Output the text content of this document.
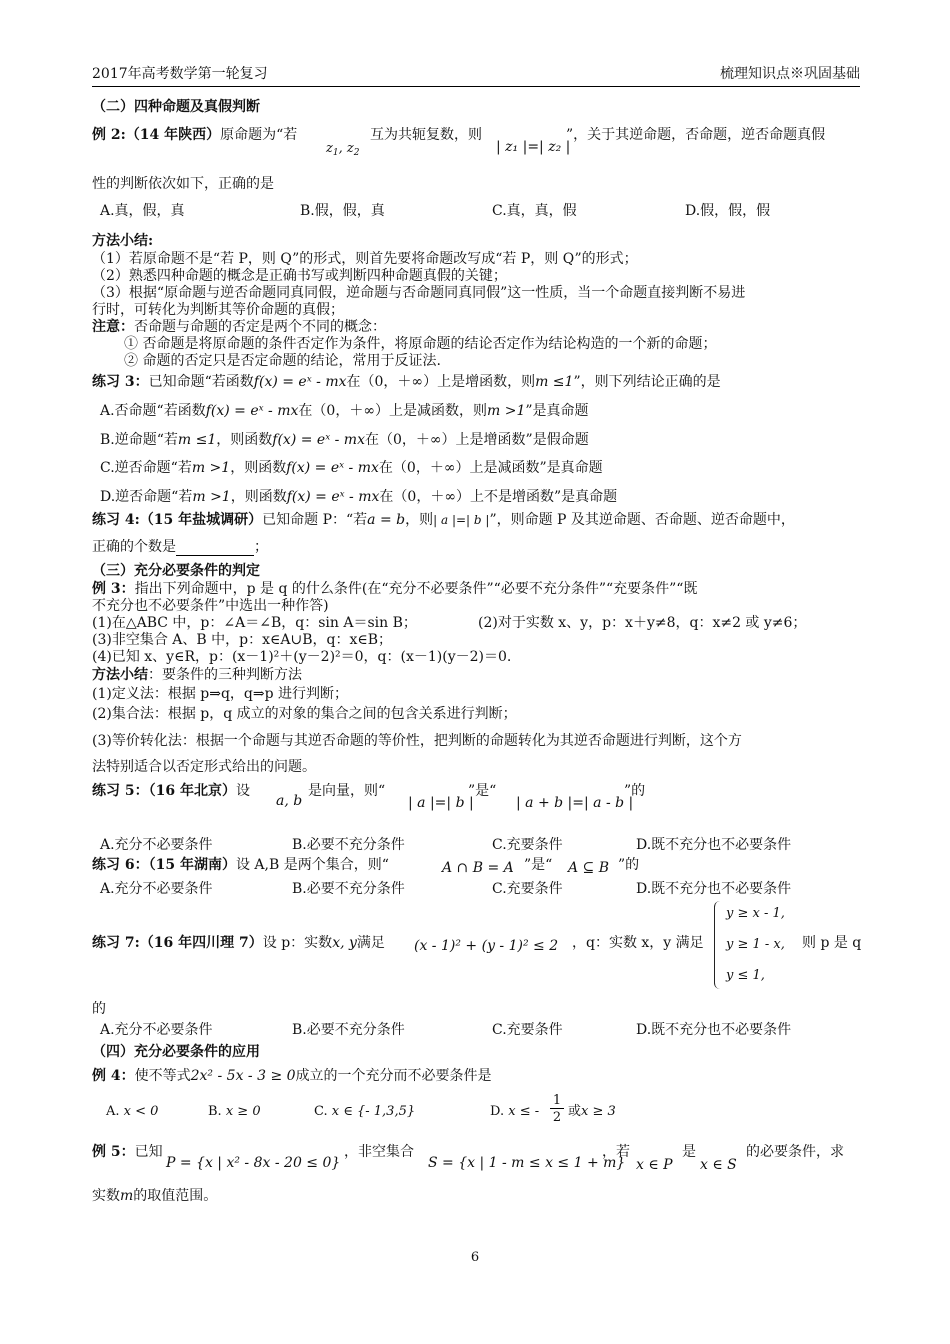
2017年高考数学第一轮复习	梳理知识点※巩固基础
（二）四种命题及真假判断
例 2:（14 年陕西）原命题为“若
$z_1$, $z_2$
互为共轭复数，则
| z₁ |=| z₂ |
”，关于其逆命题，否命题，逆否命题真假
性的判断依次如下，正确的是
A.真，假，真	B.假，假，真	C.真，真，假	D.假，假，假
方法小结:
（1）若原命题不是“若 P，则 Q”的形式，则首先要将命题改写成“若 P，则 Q”的形式；
（2）熟悉四种命题的概念是正确书写或判断四种命题真假的关键；
（3）根据“原命题与逆否命题同真同假，逆命题与否命题同真同假”这一性质，当一个命题直接判断不易进
行时，可转化为判断其等价命题的真假；
注意：否命题与命题的否定是两个不同的概念：
① 否命题是将原命题的条件否定作为条件，将原命题的结论否定作为结论构造的一个新的命题；
② 命题的否定只是否定命题的结论，常用于反证法.
练习 3：已知命题“若函数f(x) = eˣ - mx在（0，＋∞）上是增函数，则m ≤1”，则下列结论正确的是
A.否命题“若函数f(x) = eˣ - mx在（0，＋∞）上是减函数，则m >1”是真命题
B.逆命题“若m ≤1，则函数f(x) = eˣ - mx在（0，＋∞）上是增函数”是假命题
C.逆否命题“若m >1，则函数f(x) = eˣ - mx在（0，＋∞）上是减函数”是真命题
D.逆否命题“若m >1，则函数f(x) = eˣ - mx在（0，＋∞）上不是增函数”是真命题
练习 4:（15 年盐城调研）已知命题 P：“若a = b，则| a |=| b |”，则命题 P 及其逆命题、否命题、逆否命题中，
正确的个数是	；
（三）充分必要条件的判定
例 3：指出下列命题中，p 是 q 的什么条件(在“充分不必要条件”“必要不充分条件”“充要条件”“既
不充分也不必要条件”中选出一种作答)
(1)在△ABC 中，p：∠A＝∠B，q：sin A＝sin B；	(2)对于实数 x、y，p：x＋y≠8，q：x≠2 或 y≠6；
(3)非空集合 A、B 中，p：x∈A∪B，q：x∈B；
(4)已知 x、y∈R，p：(x－1)²＋(y－2)²＝0，q：(x－1)(y－2)＝0.
方法小结：要条件的三种判断方法
(1)定义法：根据 p⇒q，q⇒p 进行判断；
(2)集合法：根据 p，q 成立的对象的集合之间的包含关系进行判断；
(3)等价转化法：根据一个命题与其逆否命题的等价性，把判断的命题转化为其逆否命题进行判断，这个方
法特别适合以否定形式给出的问题。
练习 5：（16 年北京）设
a, b
是向量，则“
| a |=| b |
”是“
| a + b |=| a - b |
”的
A.充分不必要条件	B.必要不充分条件	C.充要条件	D.既不充分也不必要条件
练习 6：（15 年湖南）设 A,B 是两个集合，则“	A ∩ B = A ”是“ A ⊆ B ”的
A.充分不必要条件	B.必要不充分条件	C.充要条件	D.既不充分也不必要条件
练习 7:（16 年四川理 7）设 p：实数x, y满足 (x - 1)² + (y - 1)² ≤ 2 ，q：实数 x，y 满足
y ≥ x - 1,
y ≥ 1 - x,
y ≤ 1,
则 p 是 q
的
A.充分不必要条件	B.必要不充分条件	C.充要条件	D.既不充分也不必要条件
（四）充分必要条件的应用
例 4：使不等式2x² - 5x - 3 ≥ 0成立的一个充分而不必要条件是
A. x < 0	B. x ≥ 0	C. x ∈ {- 1,3,5}	D. x ≤ - $\frac{1}{2}$ 或x ≥ 3
例 5：已知
P = {x | x² - 8x - 20 ≤ 0}
，非空集合
S = {x | 1 - m ≤ x ≤ 1 + m}
，若
x ∈ P
是
x ∈ S
的必要条件，求
实数m的取值范围。
6
